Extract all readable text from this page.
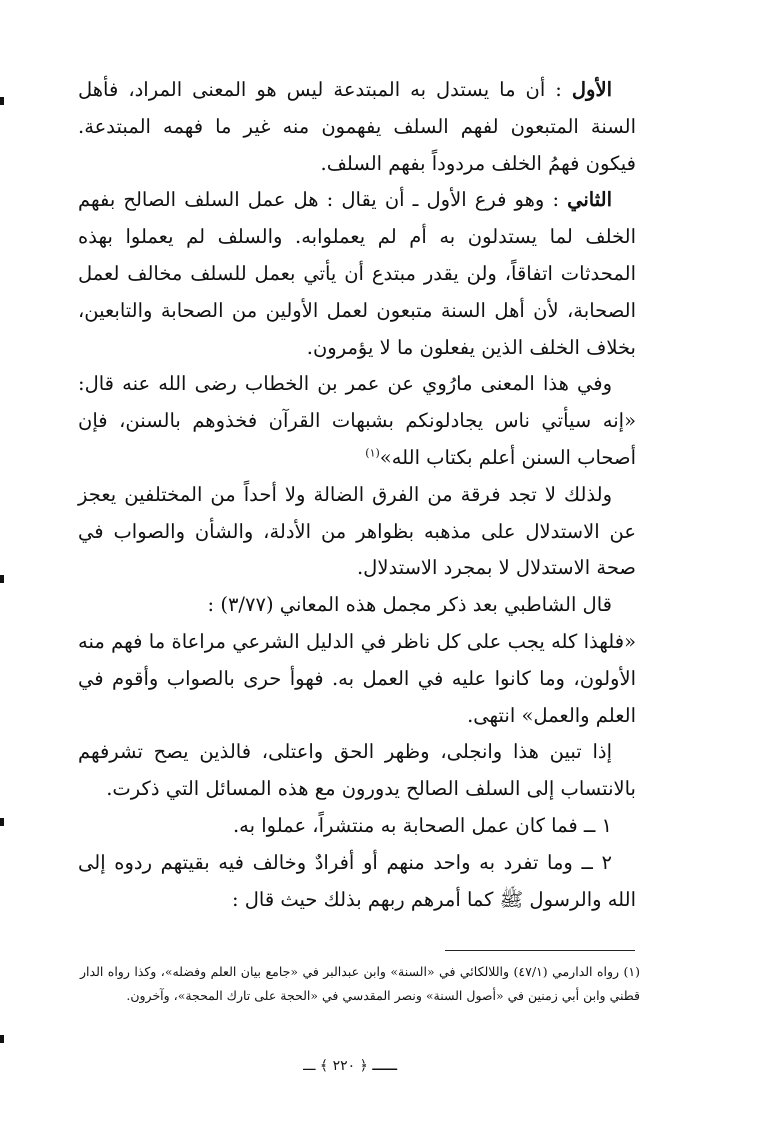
الأول : أن ما يستدل به المبتدعة ليس هو المعنى المراد، فأهل السنة المتبعون لفهم السلف يفهمون منه غير ما فهمه المبتدعة. فيكون فهمُ الخلف مردوداً بفهم السلف.

الثاني : وهو فرع الأول ـ أن يقال : هل عمل السلف الصالح بفهم الخلف لما يستدلون به أم لم يعملوابه. والسلف لم يعملوا بهذه المحدثات اتفاقاً، ولن يقدر مبتدع أن يأتي بعمل للسلف مخالف لعمل الصحابة، لأن أهل السنة متبعون لعمل الأولين من الصحابة والتابعين، بخلاف الخلف الذين يفعلون ما لا يؤمرون.

وفي هذا المعنى مارُوي عن عمر بن الخطاب رضى الله عنه قال: «إنه سيأتي ناس يجادلونكم بشبهات القرآن فخذوهم بالسنن، فإن أصحاب السنن أعلم بكتاب الله»$^{(١)}$

ولذلك لا تجد فرقة من الفرق الضالة ولا أحداً من المختلفين يعجز عن الاستدلال على مذهبه بظواهر من الأدلة، والشأن والصواب في صحة الاستدلال لا بمجرد الاستدلال.

قال الشاطبي بعد ذكر مجمل هذه المعاني (٣/٧٧) :

«فلهذا كله يجب على كل ناظر في الدليل الشرعي مراعاة ما فهم منه الأولون، وما كانوا عليه في العمل به. فهوأ حرى بالصواب وأقوم في العلم والعمل» انتهى.

إذا تبين هذا وانجلى، وظهر الحق واعتلى، فالذين يصح تشرفهم بالانتساب إلى السلف الصالح يدورون مع هذه المسائل التي ذكرت.

١ ــ فما كان عمل الصحابة به منتشراً، عملوا به.

٢ ــ وما تفرد به واحد منهم أو أفرادٌ وخالف فيه بقيتهم ردوه إلى الله والرسول ﷺ كما أمرهم ربهم بذلك حيث قال :

(١) رواه الدارمي (٤٧/١) واللالكائي في «السنة» وابن عبدالبر في «جامع بيان العلم وفضله»، وكذا رواه الدار قطني وابن أبي زمنين في «أصول السنة» ونصر المقدسي في «الحجة على تارك المحجة»، وآخرون.
ـــ ﴿ ٢٢٠ ﴾ ـــ
